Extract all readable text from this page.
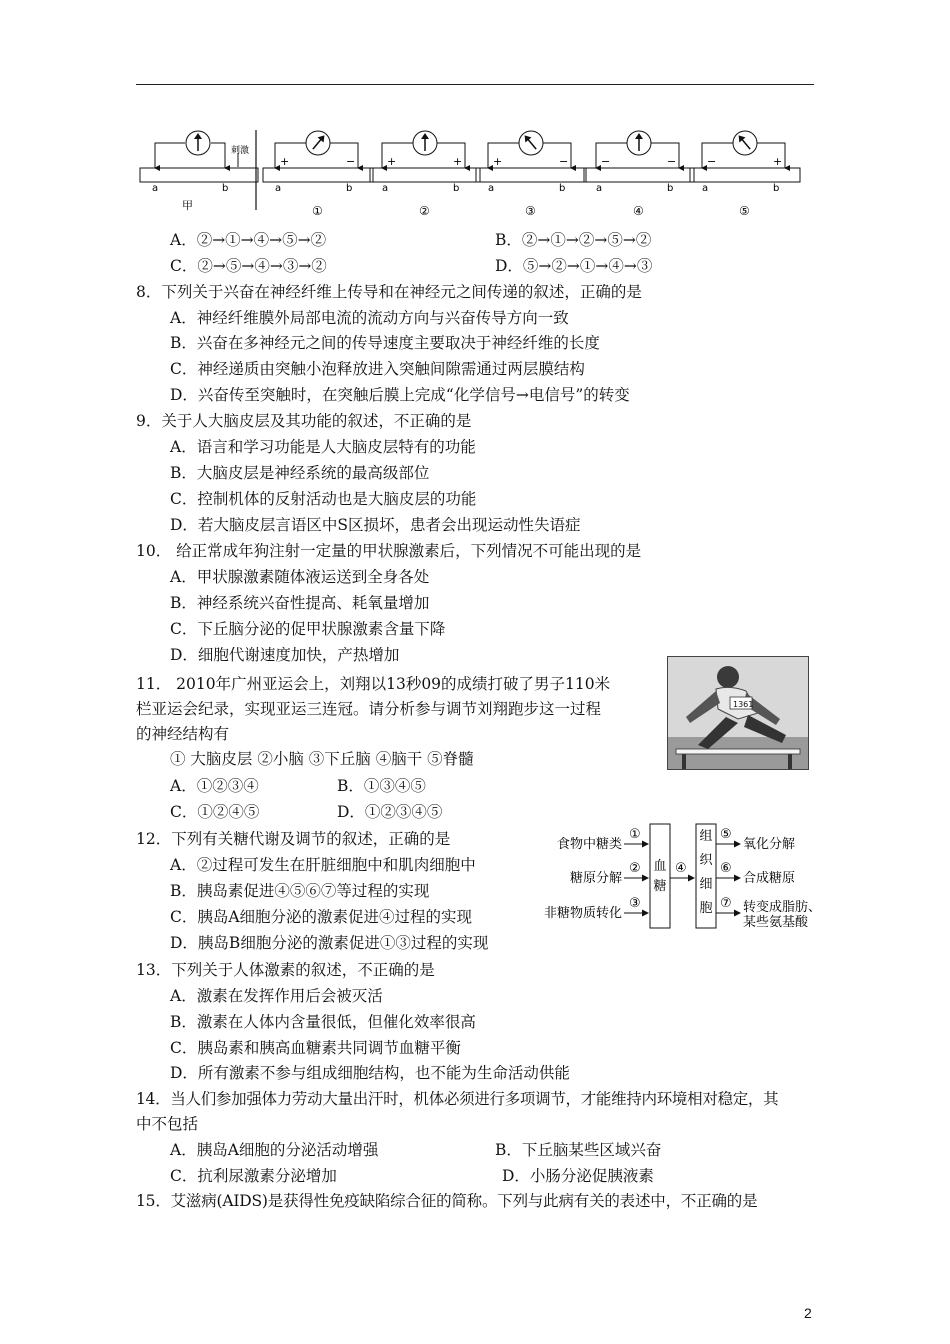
刺激
a	b
甲
+	−
a	b
①
+	+
a	b
②
+	−
a	b
③
−	−
a	b
④
−	+
a	b
⑤
A．②→①→④→⑤→②	B．②→①→②→⑤→②
C．②→⑤→④→③→②	D．⑤→②→①→④→③
8．下列关于兴奋在神经纤维上传导和在神经元之间传递的叙述，正确的是
A．神经纤维膜外局部电流的流动方向与兴奋传导方向一致
B．兴奋在多神经元之间的传导速度主要取决于神经纤维的长度
C．神经递质由突触小泡释放进入突触间隙需通过两层膜结构
D．兴奋传至突触时，在突触后膜上完成“化学信号→电信号”的转变
9．关于人大脑皮层及其功能的叙述，不正确的是
A．语言和学习功能是人大脑皮层特有的功能
B．大脑皮层是神经系统的最高级部位
C．控制机体的反射活动也是大脑皮层的功能
D．若大脑皮层言语区中S区损坏，患者会出现运动性失语症
10． 给正常成年狗注射一定量的甲状腺激素后，下列情况不可能出现的是
A．甲状腺激素随体液运送到全身各处
B．神经系统兴奋性提高、耗氧量增加
C．下丘脑分泌的促甲状腺激素含量下降
D．细胞代谢速度加快，产热增加
11． 2010年广州亚运会上，刘翔以13秒09的成绩打破了男子110米
栏亚运会纪录，实现亚运三连冠。请分析参与调节刘翔跑步这一过程
的神经结构有
① 大脑皮层 ②小脑 ③下丘脑 ④脑干 ⑤脊髓
A．①②③④	B．①③④⑤
C．①②④⑤	D．①②③④⑤
1361
12．下列有关糖代谢及调节的叙述，正确的是
A．②过程可发生在肝脏细胞中和肌肉细胞中
B．胰岛素促进④⑤⑥⑦等过程的实现
C．胰岛A细胞分泌的激素促进④过程的实现
D．胰岛B细胞分泌的激素促进①③过程的实现
食物中糖类
糖原分解
非糖物质转化
①
②
③
血
糖
④
组
织
细
胞
⑤
⑥
⑦
氧化分解
合成糖原
转变成脂肪、
某些氨基酸
13．下列关于人体激素的叙述，不正确的是
A．激素在发挥作用后会被灭活
B．激素在人体内含量很低，但催化效率很高
C．胰岛素和胰高血糖素共同调节血糖平衡
D．所有激素不参与组成细胞结构，也不能为生命活动供能
14．当人们参加强体力劳动大量出汗时，机体必须进行多项调节，才能维持内环境相对稳定，其
中不包括
A．胰岛A细胞的分泌活动增强	B．下丘脑某些区域兴奋
C．抗利尿激素分泌增加	D．小肠分泌促胰液素
15．艾滋病(AIDS)是获得性免疫缺陷综合征的简称。下列与此病有关的表述中，不正确的是
2
